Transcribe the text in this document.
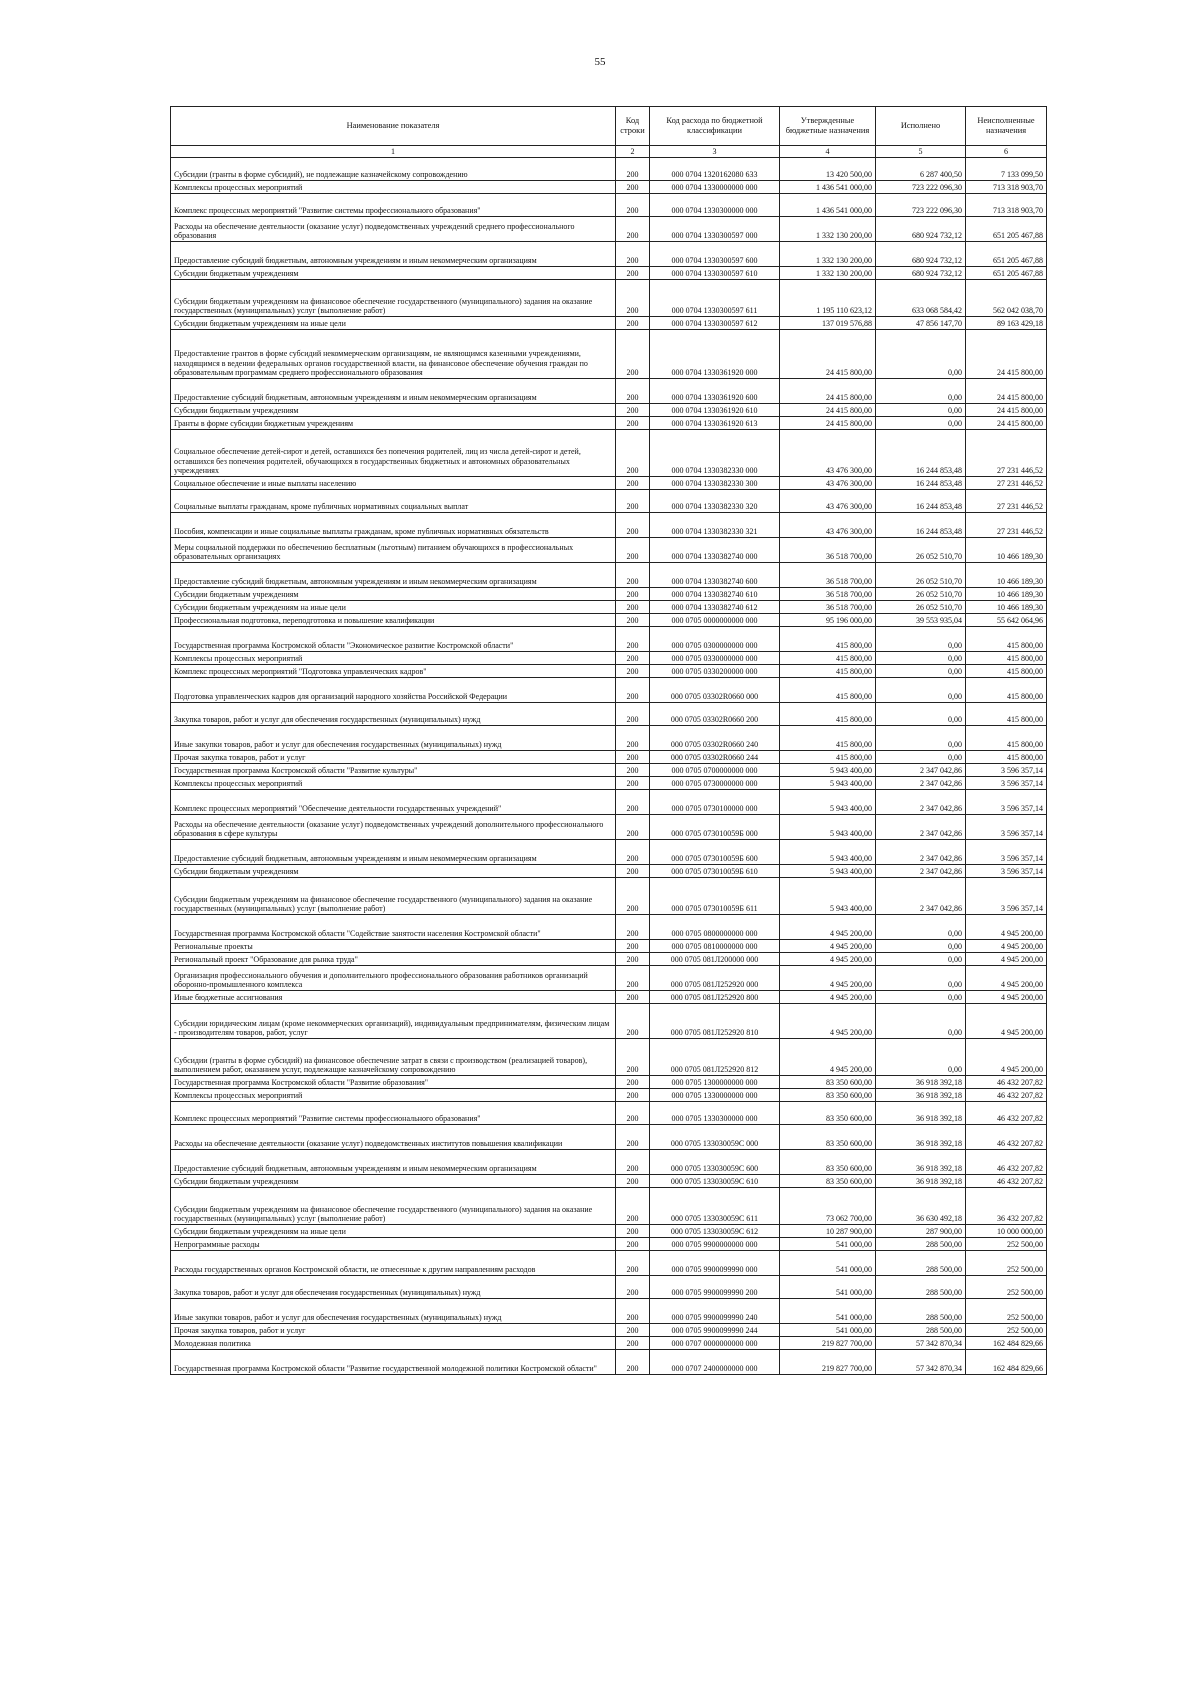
55
Наименование показателя	Код строки	Код расхода по бюджетной классификации	Утвержденные бюджетные назначения	Исполнено	Неисполненные назначения
1	2	3	4	5	6
Субсидии (гранты в форме субсидий), не подлежащие казначейскому сопровождению	200	000 0704 1320162080 633	13 420 500,00	6 287 400,50	7 133 099,50
Комплексы процессных мероприятий	200	000 0704 1330000000 000	1 436 541 000,00	723 222 096,30	713 318 903,70
Комплекс процессных мероприятий "Развитие системы профессионального образования"	200	000 0704 1330300000 000	1 436 541 000,00	723 222 096,30	713 318 903,70
Расходы на обеспечение деятельности (оказание услуг) подведомственных учреждений среднего профессионального образования	200	000 0704 1330300597 000	1 332 130 200,00	680 924 732,12	651 205 467,88
Предоставление субсидий бюджетным, автономным учреждениям и иным некоммерческим организациям	200	000 0704 1330300597 600	1 332 130 200,00	680 924 732,12	651 205 467,88
Субсидии бюджетным учреждениям	200	000 0704 1330300597 610	1 332 130 200,00	680 924 732,12	651 205 467,88
Субсидии бюджетным учреждениям на финансовое обеспечение государственного (муниципального) задания на оказание государственных (муниципальных) услуг (выполнение работ)	200	000 0704 1330300597 611	1 195 110 623,12	633 068 584,42	562 042 038,70
Субсидии бюджетным учреждениям на иные цели	200	000 0704 1330300597 612	137 019 576,88	47 856 147,70	89 163 429,18
Предоставление грантов в форме субсидий некоммерческим организациям, не являющимся казенными учреждениями, находящимся в ведении федеральных органов государственной власти, на финансовое обеспечение обучения граждан по образовательным программам среднего профессионального образования	200	000 0704 1330361920 000	24 415 800,00	0,00	24 415 800,00
Предоставление субсидий бюджетным, автономным учреждениям и иным некоммерческим организациям	200	000 0704 1330361920 600	24 415 800,00	0,00	24 415 800,00
Субсидии бюджетным учреждениям	200	000 0704 1330361920 610	24 415 800,00	0,00	24 415 800,00
Гранты в форме субсидии бюджетным учреждениям	200	000 0704 1330361920 613	24 415 800,00	0,00	24 415 800,00
Социальное обеспечение детей-сирот и детей, оставшихся без попечения родителей, лиц из числа детей-сирот и детей, оставшихся без попечения родителей, обучающихся в государственных бюджетных и автономных образовательных учреждениях	200	000 0704 1330382330 000	43 476 300,00	16 244 853,48	27 231 446,52
Социальное обеспечение и иные выплаты населению	200	000 0704 1330382330 300	43 476 300,00	16 244 853,48	27 231 446,52
Социальные выплаты гражданам, кроме публичных нормативных социальных выплат	200	000 0704 1330382330 320	43 476 300,00	16 244 853,48	27 231 446,52
Пособия, компенсации и иные социальные выплаты гражданам, кроме публичных нормативных обязательств	200	000 0704 1330382330 321	43 476 300,00	16 244 853,48	27 231 446,52
Меры социальной поддержки по обеспечению бесплатным (льготным) питанием обучающихся в профессиональных образовательных организациях	200	000 0704 1330382740 000	36 518 700,00	26 052 510,70	10 466 189,30
Предоставление субсидий бюджетным, автономным учреждениям и иным некоммерческим организациям	200	000 0704 1330382740 600	36 518 700,00	26 052 510,70	10 466 189,30
Субсидии бюджетным учреждениям	200	000 0704 1330382740 610	36 518 700,00	26 052 510,70	10 466 189,30
Субсидии бюджетным учреждениям на иные цели	200	000 0704 1330382740 612	36 518 700,00	26 052 510,70	10 466 189,30
Профессиональная подготовка, переподготовка и повышение квалификации	200	000 0705 0000000000 000	95 196 000,00	39 553 935,04	55 642 064,96
Государственная программа Костромской области "Экономическое развитие Костромской области"	200	000 0705 0300000000 000	415 800,00	0,00	415 800,00
Комплексы процессных мероприятий	200	000 0705 0330000000 000	415 800,00	0,00	415 800,00
Комплекс процессных мероприятий "Подготовка управленческих кадров"	200	000 0705 0330200000 000	415 800,00	0,00	415 800,00
Подготовка управленческих кадров для организаций народного хозяйства Российской Федерации	200	000 0705 03302R0660 000	415 800,00	0,00	415 800,00
Закупка товаров, работ и услуг для обеспечения государственных (муниципальных) нужд	200	000 0705 03302R0660 200	415 800,00	0,00	415 800,00
Иные закупки товаров, работ и услуг для обеспечения государственных (муниципальных) нужд	200	000 0705 03302R0660 240	415 800,00	0,00	415 800,00
Прочая закупка товаров, работ и услуг	200	000 0705 03302R0660 244	415 800,00	0,00	415 800,00
Государственная программа Костромской области "Развитие культуры"	200	000 0705 0700000000 000	5 943 400,00	2 347 042,86	3 596 357,14
Комплексы процессных мероприятий	200	000 0705 0730000000 000	5 943 400,00	2 347 042,86	3 596 357,14
Комплекс процессных мероприятий "Обеспечение деятельности государственных учреждений"	200	000 0705 0730100000 000	5 943 400,00	2 347 042,86	3 596 357,14
Расходы на обеспечение деятельности (оказание услуг) подведомственных учреждений дополнительного профессионального образования в сфере культуры	200	000 0705 073010059Б 000	5 943 400,00	2 347 042,86	3 596 357,14
Предоставление субсидий бюджетным, автономным учреждениям и иным некоммерческим организациям	200	000 0705 073010059Б 600	5 943 400,00	2 347 042,86	3 596 357,14
Субсидии бюджетным учреждениям	200	000 0705 073010059Б 610	5 943 400,00	2 347 042,86	3 596 357,14
Субсидии бюджетным учреждениям на финансовое обеспечение государственного (муниципального) задания на оказание государственных (муниципальных) услуг (выполнение работ)	200	000 0705 073010059Б 611	5 943 400,00	2 347 042,86	3 596 357,14
Государственная программа Костромской области "Содействие занятости населения Костромской области"	200	000 0705 0800000000 000	4 945 200,00	0,00	4 945 200,00
Региональные проекты	200	000 0705 0810000000 000	4 945 200,00	0,00	4 945 200,00
Региональный проект "Образование для рынка труда"	200	000 0705 081Л200000 000	4 945 200,00	0,00	4 945 200,00
Организация профессионального обучения и дополнительного профессионального образования работников организаций оборонно-промышленного комплекса	200	000 0705 081Л252920 000	4 945 200,00	0,00	4 945 200,00
Иные бюджетные ассигнования	200	000 0705 081Л252920 800	4 945 200,00	0,00	4 945 200,00
Субсидии юридическим лицам (кроме некоммерческих организаций), индивидуальным предпринимателям, физическим лицам - производителям товаров, работ, услуг	200	000 0705 081Л252920 810	4 945 200,00	0,00	4 945 200,00
Субсидии (гранты в форме субсидий) на финансовое обеспечение затрат в связи с производством (реализацией товаров), выполнением работ, оказанием услуг, подлежащие казначейскому сопровождению	200	000 0705 081Л252920 812	4 945 200,00	0,00	4 945 200,00
Государственная программа Костромской области "Развитие образования"	200	000 0705 1300000000 000	83 350 600,00	36 918 392,18	46 432 207,82
Комплексы процессных мероприятий	200	000 0705 1330000000 000	83 350 600,00	36 918 392,18	46 432 207,82
Комплекс процессных мероприятий "Развитие системы профессионального образования"	200	000 0705 1330300000 000	83 350 600,00	36 918 392,18	46 432 207,82
Расходы на обеспечение деятельности (оказание услуг) подведомственных институтов повышения квалификации	200	000 0705 133030059С 000	83 350 600,00	36 918 392,18	46 432 207,82
Предоставление субсидий бюджетным, автономным учреждениям и иным некоммерческим организациям	200	000 0705 133030059С 600	83 350 600,00	36 918 392,18	46 432 207,82
Субсидии бюджетным учреждениям	200	000 0705 133030059С 610	83 350 600,00	36 918 392,18	46 432 207,82
Субсидии бюджетным учреждениям на финансовое обеспечение государственного (муниципального) задания на оказание государственных (муниципальных) услуг (выполнение работ)	200	000 0705 133030059С 611	73 062 700,00	36 630 492,18	36 432 207,82
Субсидии бюджетным учреждениям на иные цели	200	000 0705 133030059С 612	10 287 900,00	287 900,00	10 000 000,00
Непрограммные расходы	200	000 0705 9900000000 000	541 000,00	288 500,00	252 500,00
Расходы государственных органов Костромской области, не отнесенные к другим направлениям расходов	200	000 0705 9900099990 000	541 000,00	288 500,00	252 500,00
Закупка товаров, работ и услуг для обеспечения государственных (муниципальных) нужд	200	000 0705 9900099990 200	541 000,00	288 500,00	252 500,00
Иные закупки товаров, работ и услуг для обеспечения государственных (муниципальных) нужд	200	000 0705 9900099990 240	541 000,00	288 500,00	252 500,00
Прочая закупка товаров, работ и услуг	200	000 0705 9900099990 244	541 000,00	288 500,00	252 500,00
Молодежная политика	200	000 0707 0000000000 000	219 827 700,00	57 342 870,34	162 484 829,66
Государственная программа Костромской области "Развитие государственной молодежной политики Костромской области"	200	000 0707 2400000000 000	219 827 700,00	57 342 870,34	162 484 829,66
